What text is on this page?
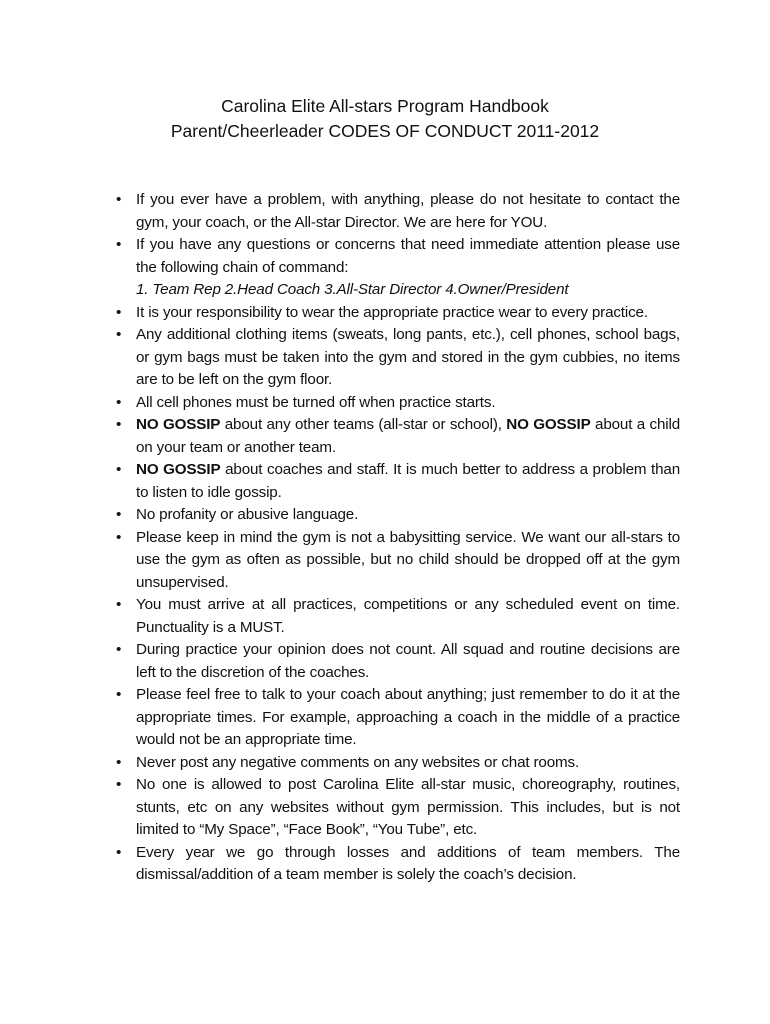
Carolina Elite All-stars Program Handbook

Parent/Cheerleader CODES OF CONDUCT 2011-2012

• If you ever have a problem, with anything, please do not hesitate to contact the gym, your coach, or the All-star Director. We are here for YOU.
• If you have any questions or concerns that need immediate attention please use the following chain of command:
1. Team Rep 2.Head Coach 3.All-Star Director 4.Owner/President
• It is your responsibility to wear the appropriate practice wear to every practice.
• Any additional clothing items (sweats, long pants, etc.), cell phones, school bags, or gym bags must be taken into the gym and stored in the gym cubbies, no items are to be left on the gym floor.
• All cell phones must be turned off when practice starts.
• NO GOSSIP about any other teams (all-star or school), NO GOSSIP about a child on your team or another team.
• NO GOSSIP about coaches and staff. It is much better to address a problem than to listen to idle gossip.
• No profanity or abusive language.
• Please keep in mind the gym is not a babysitting service. We want our all-stars to use the gym as often as possible, but no child should be dropped off at the gym unsupervised.
• You must arrive at all practices, competitions or any scheduled event on time. Punctuality is a MUST.
• During practice your opinion does not count. All squad and routine decisions are left to the discretion of the coaches.
• Please feel free to talk to your coach about anything; just remember to do it at the appropriate times. For example, approaching a coach in the middle of a practice would not be an appropriate time.
• Never post any negative comments on any websites or chat rooms.
• No one is allowed to post Carolina Elite all-star music, choreography, routines, stunts, etc on any websites without gym permission. This includes, but is not limited to “My Space”, “Face Book”, “You Tube”, etc.
• Every year we go through losses and additions of team members. The dismissal/addition of a team member is solely the coach’s decision.
